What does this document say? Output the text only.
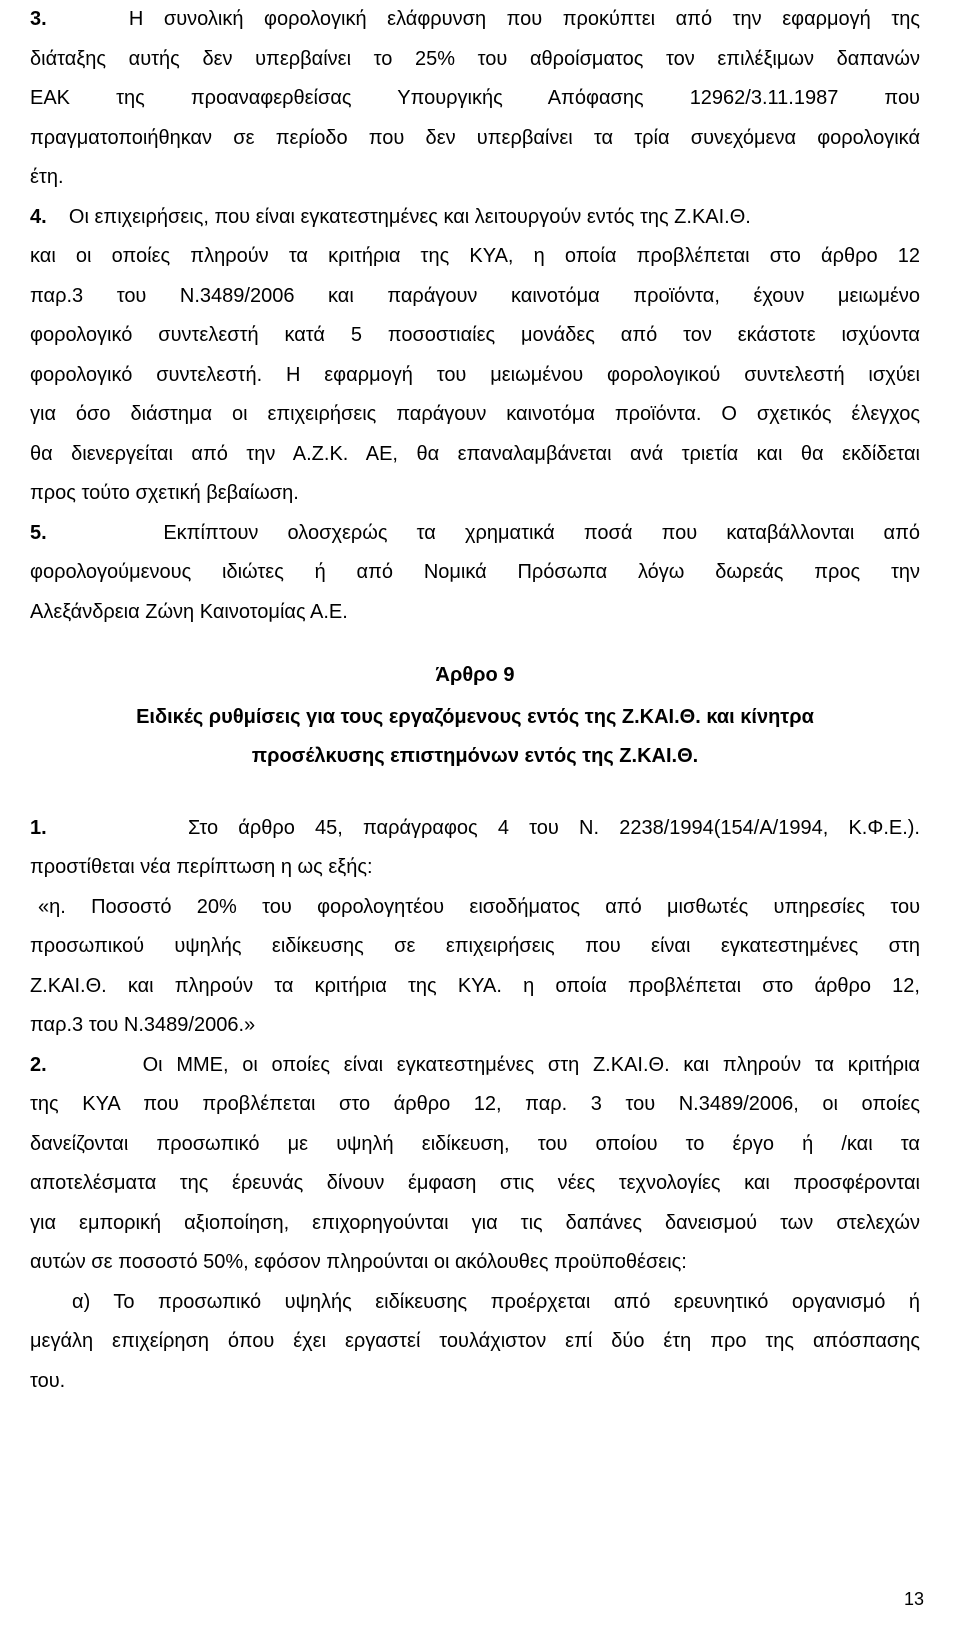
3.	Η συνολική φορολογική ελάφρυνση που προκύπτει από την εφαρμογή της

διάταξης αυτής δεν υπερβαίνει το 25% του αθροίσματος τον επιλέξιμων δαπανών

ΕΑΚ της προαναφερθείσας Υπουργικής Απόφασης 12962/3.11.1987 που

πραγματοποιήθηκαν σε περίοδο που δεν υπερβαίνει τα τρία συνεχόμενα φορολογικά

έτη.

4. Οι επιχειρήσεις, που είναι εγκατεστημένες και λειτουργούν εντός της Ζ.ΚΑΙ.Θ.

και οι οποίες πληρούν τα κριτήρια της ΚΥΑ, η οποία προβλέπεται στο άρθρο 12

παρ.3 του Ν.3489/2006 και παράγουν καινοτόμα προϊόντα, έχουν μειωμένο

φορολογικό συντελεστή κατά 5 ποσοστιαίες μονάδες από τον εκάστοτε ισχύοντα

φορολογικό συντελεστή. Η εφαρμογή του μειωμένου φορολογικού συντελεστή ισχύει

για όσο διάστημα οι επιχειρήσεις παράγουν καινοτόμα προϊόντα. Ο σχετικός έλεγχος

θα διενεργείται από την Α.Ζ.Κ. ΑΕ, θα επαναλαμβάνεται ανά τριετία και θα εκδίδεται

προς τούτο σχετική βεβαίωση.

5.	Εκπίπτουν ολοσχερώς τα χρηματικά ποσά που καταβάλλονται από

φορολογούμενους ιδιώτες ή από Νομικά Πρόσωπα λόγω δωρεάς προς την

Αλεξάνδρεια Ζώνη Καινοτομίας Α.Ε.

Άρθρο 9

Ειδικές ρυθμίσεις για τους εργαζόμενους εντός της Ζ.ΚΑΙ.Θ. και κίνητρα

προσέλκυσης επιστημόνων εντός της Ζ.ΚΑΙ.Θ.

1.	Στο άρθρο 45, παράγραφος 4 του Ν. 2238/1994(154/Α/1994, Κ.Φ.Ε.).

προστίθεται νέα περίπτωση η ως εξής:

«η. Ποσοστό 20% του φορολογητέου εισοδήματος από μισθωτές υπηρεσίες του

προσωπικού υψηλής ειδίκευσης σε επιχειρήσεις που είναι εγκατεστημένες στη

Ζ.ΚΑΙ.Θ. και πληρούν τα κριτήρια της ΚΥΑ. η οποία προβλέπεται στο άρθρο 12,

παρ.3 του Ν.3489/2006.»

2.	Οι ΜΜΕ, οι οποίες είναι εγκατεστημένες στη Ζ.ΚΑΙ.Θ. και πληρούν τα κριτήρια

της ΚΥΑ που προβλέπεται στο άρθρο 12, παρ. 3 του Ν.3489/2006, οι οποίες

δανείζονται προσωπικό με υψηλή ειδίκευση, του οποίου το έργο ή /και τα

αποτελέσματα της έρευνάς δίνουν έμφαση στις νέες τεχνολογίες και προσφέρονται

για εμπορική αξιοποίηση, επιχορηγούνται για τις δαπάνες δανεισμού των στελεχών

αυτών σε ποσοστό 50%, εφόσον πληρούνται οι ακόλουθες προϋποθέσεις:

α) Το προσωπικό υψηλής ειδίκευσης προέρχεται από ερευνητικό οργανισμό ή

μεγάλη επιχείρηση όπου έχει εργαστεί τουλάχιστον επί δύο έτη προ της απόσπασης

του.

13
